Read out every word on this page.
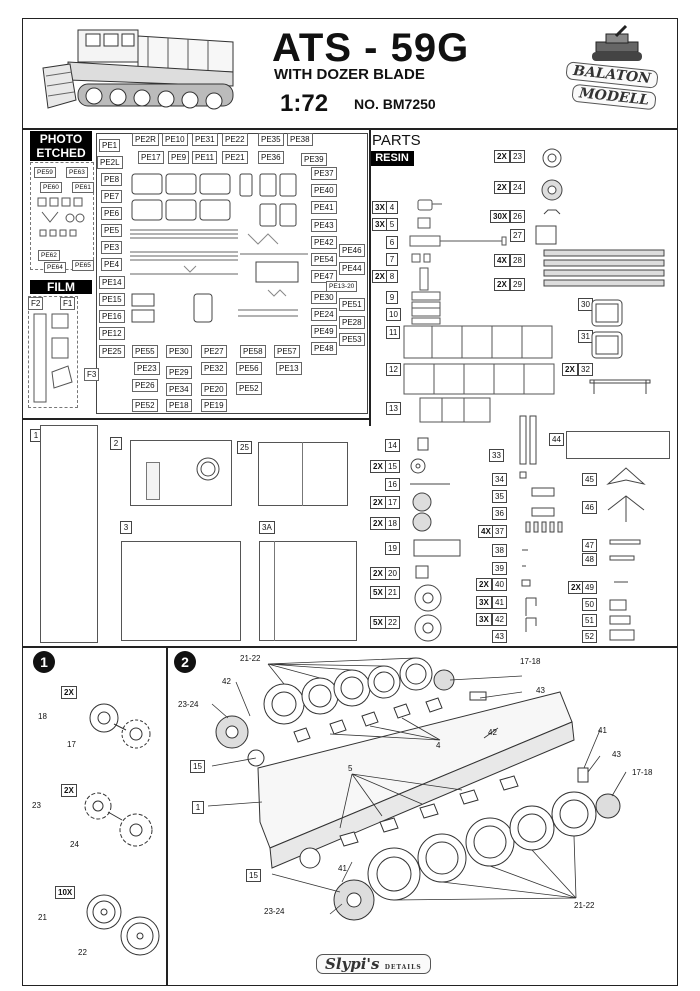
ATS - 59G
WITH DOZER BLADE
1:72 NO. BM7250
BALATON
MODELL
PHOTO ETCHED
PE59	PE63
PE60	PE61
PE62
PE64	PE65
PE1
PE2L
PE8
PE7
PE6
PE5
PE3
PE4
PE14
PE15
PE16
PE12
PE25
PE2R	PE10	PE31	PE22	PE35	PE38
PE17	PE9	PE11	PE21	PE36	PE39
PE37
PE40
PE41
PE43
PE42
PE46
PE54
PE44
PE47
PE13-20
PE30
PE51
PE24
PE28
PE49
PE53
PE48
PE55
PE23
PE26
PE52
PE30
PE29
PE34
PE18
PE27
PE32
PE20
PE19
PE58
PE56
PE52
PE57
PE13
FILM
F2	F1
F3
PARTS
RESIN
3X 4
3X 5
6
7
2X 8
9
10
11
12
13
2X 23
2X 24
30X 26
27
4X 28
2X 29
30
31
2X 32
1
2	25
3	3A
14
2X 15
16
2X 17
2X 18
19
2X 20
5X 21
5X 22
33
34
35
36
4X 37
38
39
2X 40
3X 41
3X 42
43
44
45
46
47
48
2X 49
50
51
52
1
2X
18
17
2X
23
24
10X
21
22
2	21-22
42
23-24
15
1
5
4
42
17-18
43
41
43
17-18
15
41
23-24
21-22
Slypi's DETAILS
